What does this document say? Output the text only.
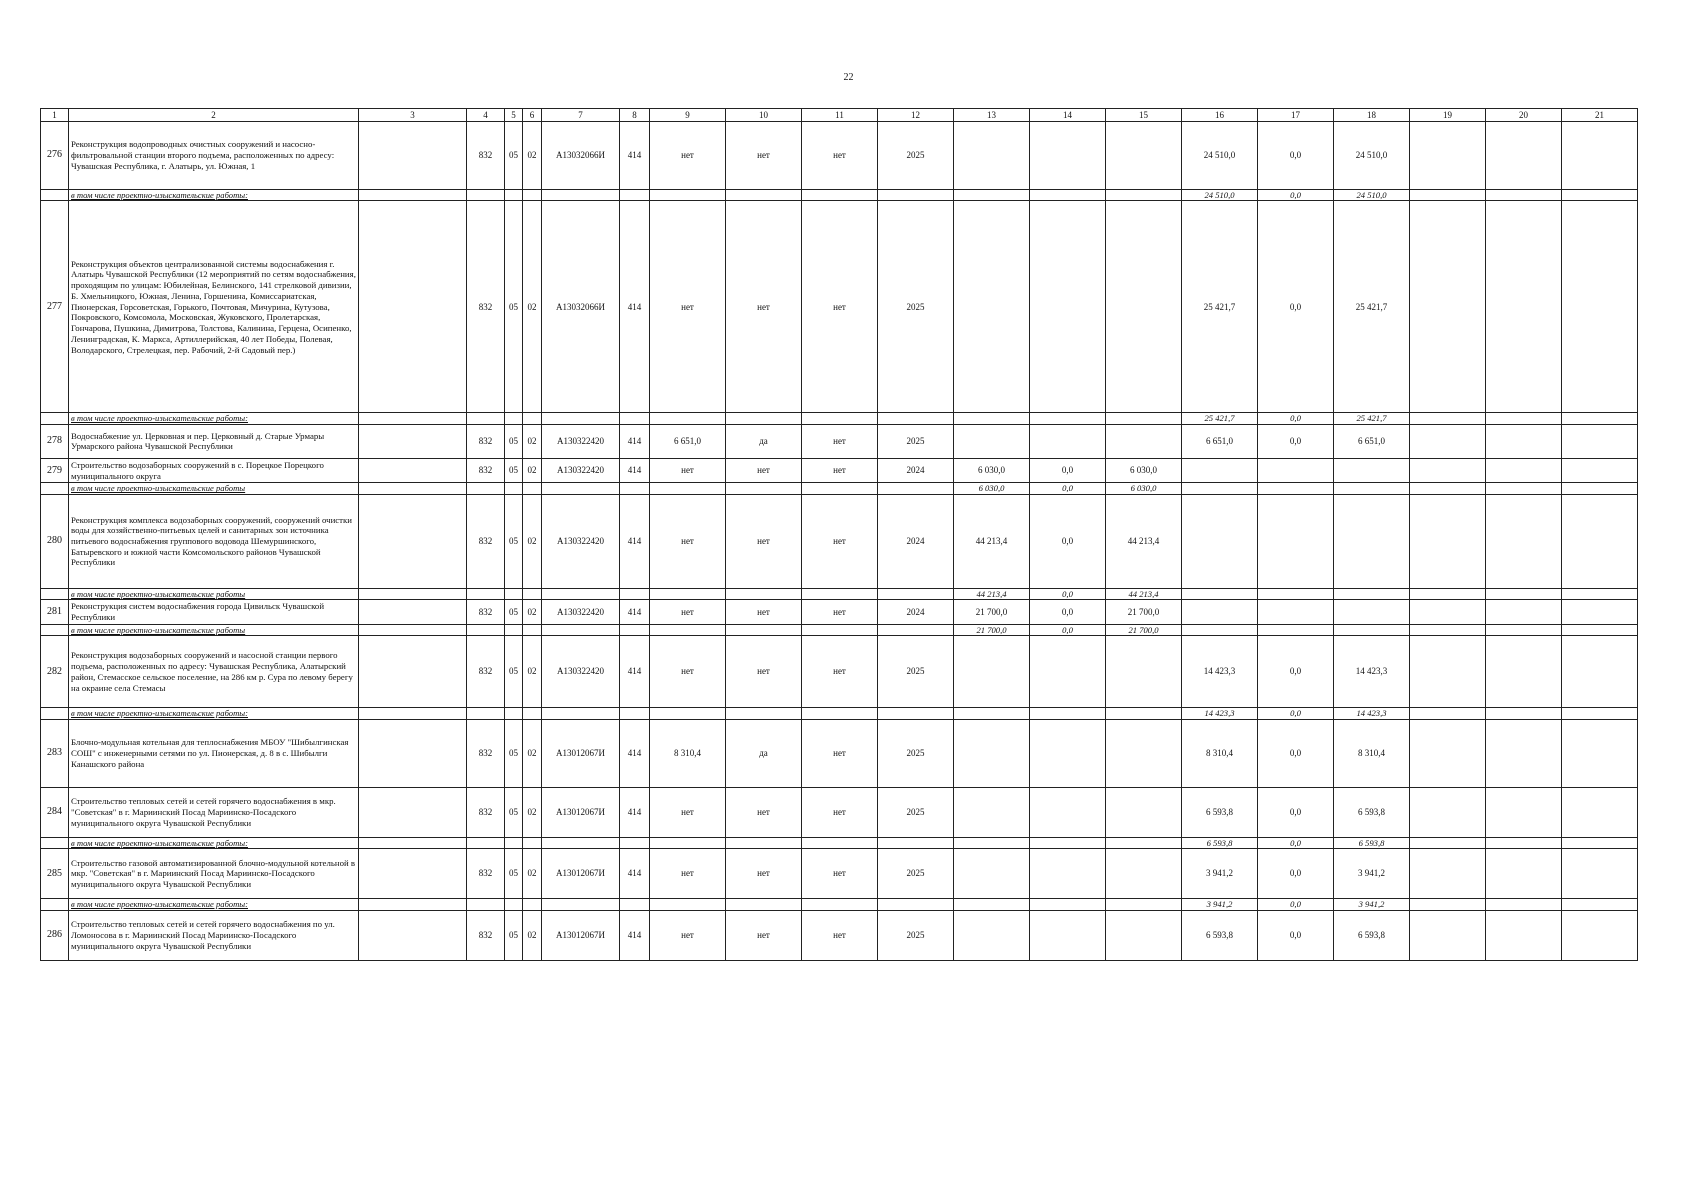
22
1	2	3	4	5	6	7	8	9	10	11	12	13	14	15	16	17	18	19	20	21
276	Реконструкция водопроводных очистных сооружений и насосно-фильтровальной станции второго подъема, расположенных по адресу: Чувашская Республика, г. Алатырь, ул. Южная, 1		832	05	02	А13032066И	414	нет	нет	нет	2025				24 510,0	0,0	24 510,0			
	в том числе проектно-изыскательские работы:														24 510,0	0,0	24 510,0			
277	Реконструкция объектов централизованной системы водоснабжения г. Алатырь Чувашской Республики (12 мероприятий по сетям водоснабжения, проходящим по улицам: Юбилейная, Белинского, 141 стрелковой дивизии, Б. Хмельницкого, Южная, Ленина, Горшенина, Комиссариатская, Пионерская, Горсоветская, Горького, Почтовая, Мичурина, Кутузова, Покровского, Комсомола, Московская, Жуковского, Пролетарская, Гончарова, Пушкина, Димитрова, Толстова, Калинина, Герцена, Осипенко, Ленинградская, К. Маркса, Артиллерийская, 40 лет Победы, Полевая, Володарского, Стрелецкая, пер. Рабочий, 2-й Садовый пер.)		832	05	02	А13032066И	414	нет	нет	нет	2025				25 421,7	0,0	25 421,7			
	в том числе проектно-изыскательские работы:														25 421,7	0,0	25 421,7			
278	Водоснабжение ул. Церковная и пер. Церковный д. Старые Урмары Урмарского района Чувашской Республики		832	05	02	А130322420	414	6 651,0	да	нет	2025				6 651,0	0,0	6 651,0			
279	Строительство водозаборных сооружений в с. Порецкое Порецкого муниципального округа		832	05	02	А130322420	414	нет	нет	нет	2024	6 030,0	0,0	6 030,0						
	в том числе проектно-изыскательские работы											6 030,0	0,0	6 030,0						
280	Реконструкция комплекса водозаборных сооружений, сооружений очистки воды для хозяйственно-питьевых целей и санитарных зон источника питьевого водоснабжения группового водовода Шемуршинского, Батыревского и южной части Комсомольского районов Чувашской Республики		832	05	02	А130322420	414	нет	нет	нет	2024	44 213,4	0,0	44 213,4						
	в том числе проектно-изыскательские работы											44 213,4	0,0	44 213,4						
281	Реконструкция систем водоснабжения города Цивильск Чувашской Республики		832	05	02	А130322420	414	нет	нет	нет	2024	21 700,0	0,0	21 700,0						
	в том числе проектно-изыскательские работы											21 700,0	0,0	21 700,0						
282	Реконструкция водозаборных сооружений и насосной станции первого подъема, расположенных по адресу: Чувашская Республика, Алатырский район, Стемасское сельское поселение, на 286 км р. Сура по левому берегу на окраине села Стемасы		832	05	02	А130322420	414	нет	нет	нет	2025				14 423,3	0,0	14 423,3			
	в том числе проектно-изыскательские работы:														14 423,3	0,0	14 423,3			
283	Блочно-модульная котельная для теплоснабжения МБОУ "Шибылгинская СОШ" с инженерными сетями по ул. Пионерская, д. 8 в с. Шибылги Канашского района		832	05	02	А13012067И	414	8 310,4	да	нет	2025				8 310,4	0,0	8 310,4			
284	Строительство тепловых сетей и сетей горячего водоснабжения в мкр. "Советская" в г. Мариинский Посад Мариинско-Посадского муниципального округа Чувашской Республики		832	05	02	А13012067И	414	нет	нет	нет	2025				6 593,8	0,0	6 593,8			
	в том числе проектно-изыскательские работы:														6 593,8	0,0	6 593,8			
285	Строительство газовой автоматизированной блочно-модульной котельной в мкр. "Советская" в г. Мариинский Посад Мариинско-Посадского муниципального округа Чувашской Республики		832	05	02	А13012067И	414	нет	нет	нет	2025				3 941,2	0,0	3 941,2			
	в том числе проектно-изыскательские работы:														3 941,2	0,0	3 941,2			
286	Строительство тепловых сетей и сетей горячего водоснабжения по ул. Ломоносова в г. Мариинский Посад Мариинско-Посадского муниципального округа Чувашской Республики		832	05	02	А13012067И	414	нет	нет	нет	2025				6 593,8	0,0	6 593,8			
